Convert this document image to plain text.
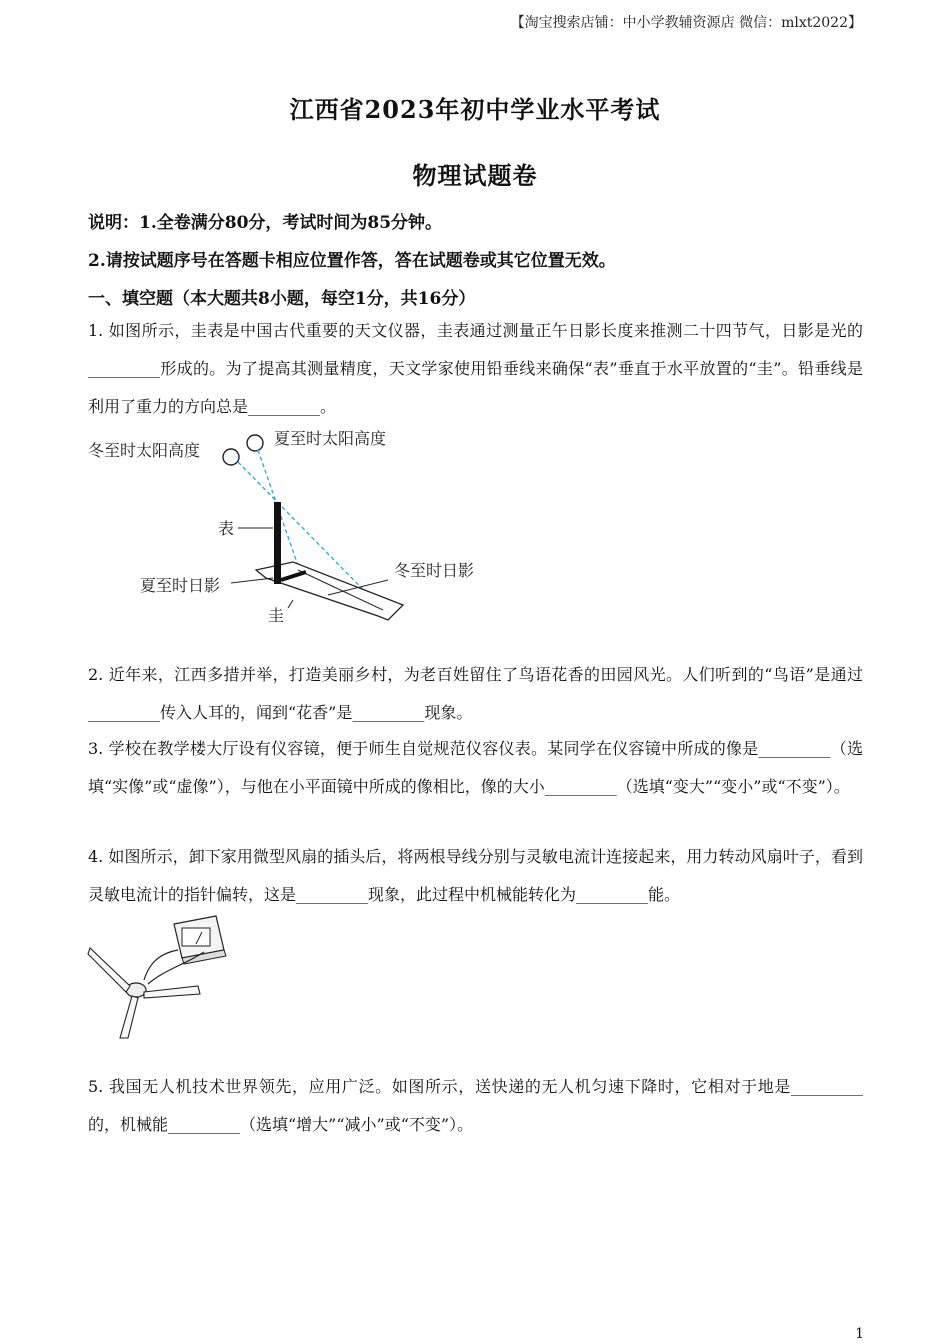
【淘宝搜索店铺：中小学教辅资源店 微信：mlxt2022】
江西省2023年初中学业水平考试
物理试题卷
说明：1.全卷满分80分，考试时间为85分钟。
2.请按试题序号在答题卡相应位置作答，答在试题卷或其它位置无效。
一、填空题（本大题共8小题，每空1分，共16分）
1. 如图所示，圭表是中国古代重要的天文仪器，圭表通过测量正午日影长度来推测二十四节气，日影是光的_________形成的。为了提高其测量精度，天文学家使用铅垂线来确保“表”垂直于水平放置的“圭”。铅垂线是利用了重力的方向总是_________。
冬至时太阳高度
夏至时太阳高度
表
夏至时日影
冬至时日影
圭
2. 近年来，江西多措并举，打造美丽乡村，为老百姓留住了鸟语花香的田园风光。人们听到的“鸟语”是通过_________传入人耳的，闻到“花香”是_________现象。
3. 学校在教学楼大厅设有仪容镜，便于师生自觉规范仪容仪表。某同学在仪容镜中所成的像是_________（选填“实像”或“虚像”），与他在小平面镜中所成的像相比，像的大小_________（选填“变大”“变小”或“不变”）。
4. 如图所示，卸下家用微型风扇的插头后，将两根导线分别与灵敏电流计连接起来，用力转动风扇叶子，看到灵敏电流计的指针偏转，这是_________现象，此过程中机械能转化为_________能。
5. 我国无人机技术世界领先，应用广泛。如图所示，送快递的无人机匀速下降时，它相对于地是_________的，机械能_________（选填“增大”“减小”或“不变”）。
1
